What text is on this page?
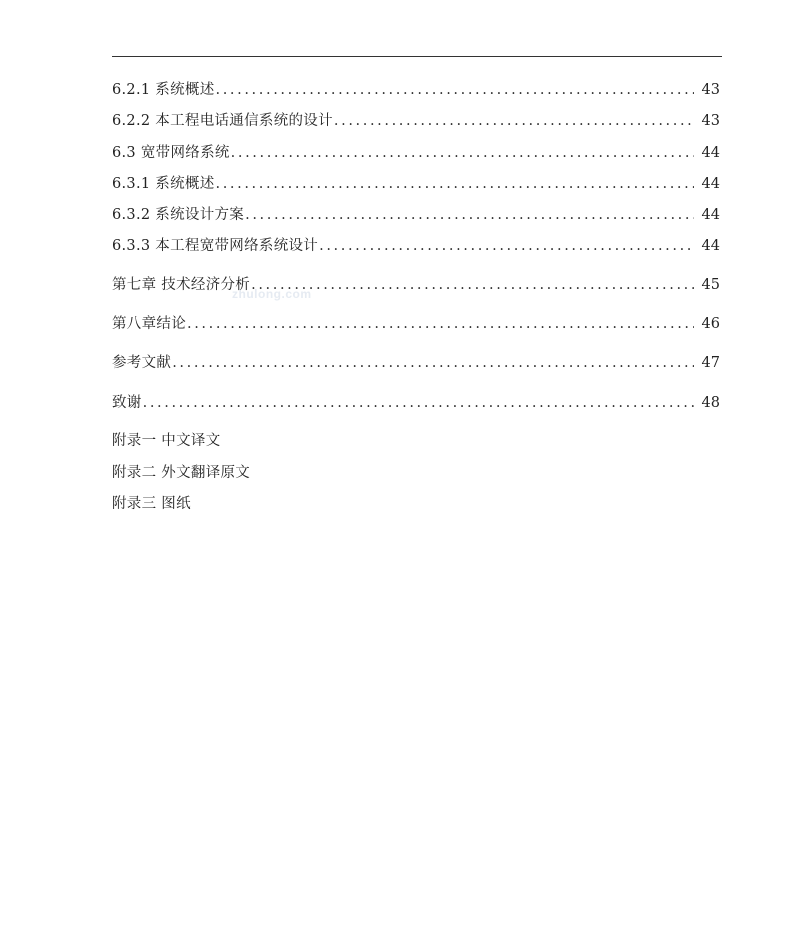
zhulong.com
6.2.1 系统概述 .....	43
6.2.2 本工程电话通信系统的设计 .....	43
6.3 宽带网络系统 .....	44
6.3.1 系统概述 .....	44
6.3.2 系统设计方案 .....	44
6.3.3 本工程宽带网络系统设计 .....	44
第七章 技术经济分析 .....	45
第八章结论 .....	46
参考文献 .....	47
致谢 .....	48
附录一 中文译文
附录二 外文翻译原文
附录三 图纸
